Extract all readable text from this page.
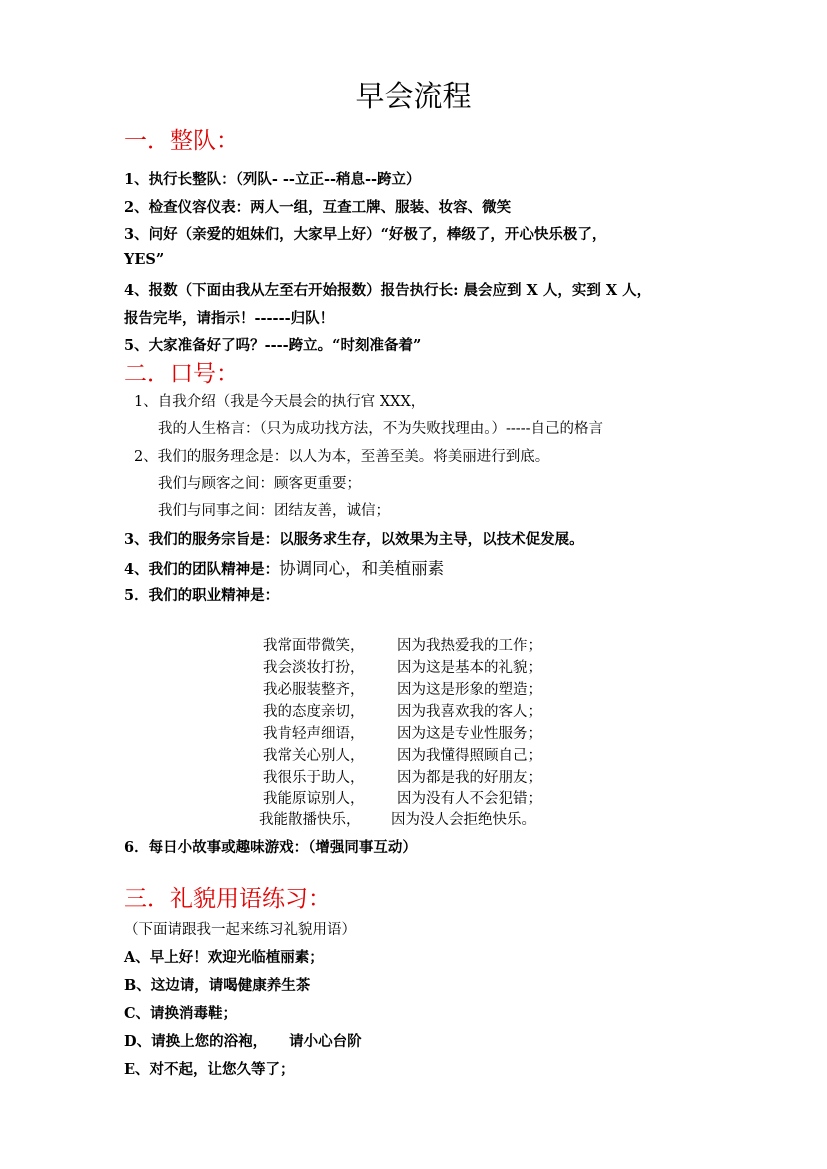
早会流程
一．整队：
1、执行长整队：（列队- --立正--稍息--跨立）
2、检查仪容仪表：两人一组，互查工牌、服装、妆容、微笑
3、问好（亲爱的姐妹们，大家早上好）“好极了，棒级了，开心快乐极了，
YES”
4、报数（下面由我从左至右开始报数）报告执行长: 晨会应到 X 人，实到 X 人，
报告完毕，请指示！------归队！
5、大家准备好了吗？----跨立。“时刻准备着”
二．口号：
1、自我介绍（我是今天晨会的执行官 XXX，
我的人生格言：（只为成功找方法，不为失败找理由。）-----自己的格言
2、我们的服务理念是：以人为本，至善至美。将美丽进行到底。
我们与顾客之间：顾客更重要；
我们与同事之间：团结友善，诚信；
3、我们的服务宗旨是：以服务求生存，以效果为主导，以技术促发展。
4、我们的团队精神是：协调同心，和美植丽素
5．我们的职业精神是：
我常面带微笑， 因为我热爱我的工作；
我会淡妆打扮， 因为这是基本的礼貌；
我必服装整齐， 因为这是形象的塑造；
我的态度亲切， 因为我喜欢我的客人；
我肯轻声细语， 因为这是专业性服务；
我常关心别人， 因为我懂得照顾自己；
我很乐于助人， 因为都是我的好朋友；
我能原谅别人， 因为没有人不会犯错；
我能散播快乐， 因为没人会拒绝快乐。
6．每日小故事或趣味游戏：（增强同事互动）
三．礼貌用语练习：
（下面请跟我一起来练习礼貌用语）
A、早上好！欢迎光临植丽素；
B、这边请，请喝健康养生茶
C、请换消毒鞋；
D、请换上您的浴袍， 请小心台阶
E、对不起，让您久等了；
